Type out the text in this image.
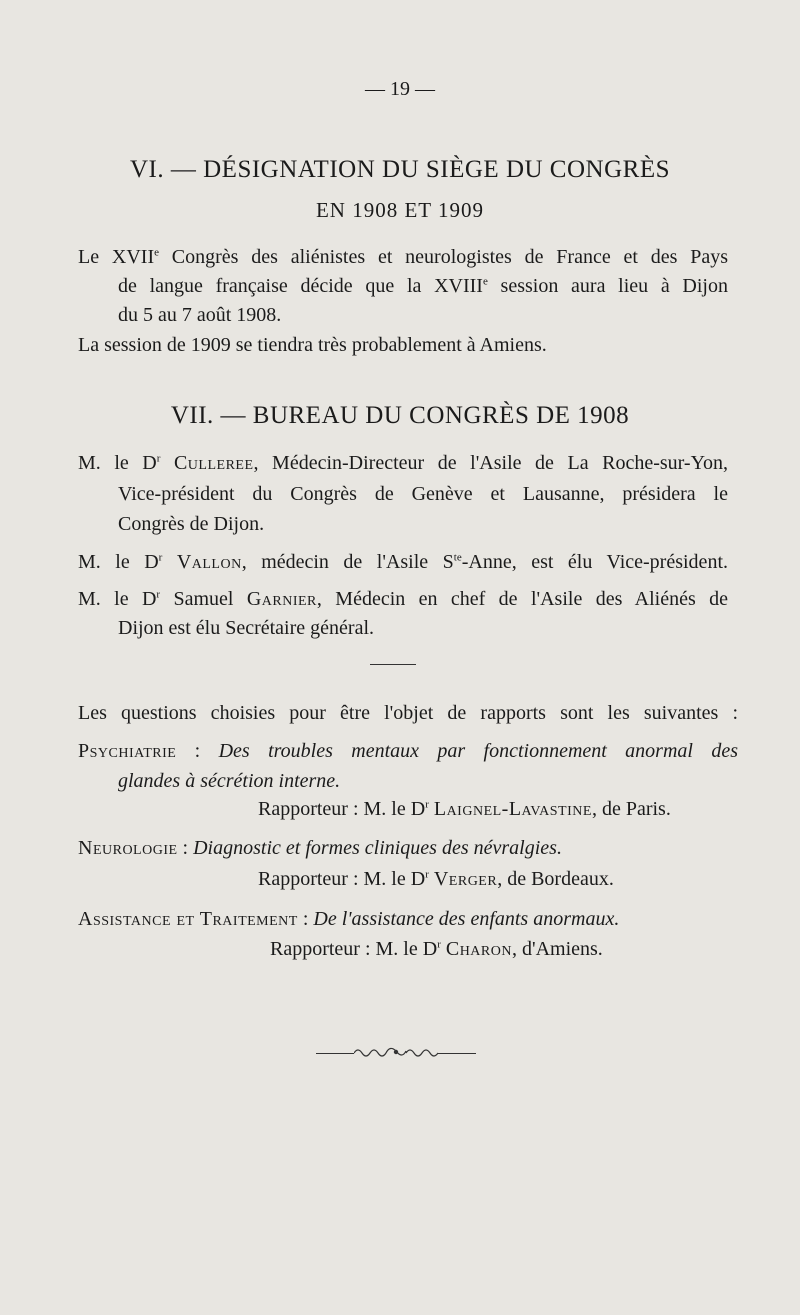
— 19 —
VI. — DÉSIGNATION DU SIÈGE DU CONGRÈS
EN 1908 ET 1909
Le XVIIe Congrès des aliénistes et neurologistes de France et des Pays
de langue française décide que la XVIIIe session aura lieu à Dijon
du 5 au 7 août 1908.
La session de 1909 se tiendra très probablement à Amiens.
VII. — BUREAU DU CONGRÈS DE 1908
M. le $D^r$ Culleree, Médecin-Directeur de l'Asile de La Roche-sur-Yon,
Vice-président du Congrès de Genève et Lausanne, présidera le
Congrès de Dijon.
M. le $D^r$ Vallon, médecin de l'Asile $S^{te}$-Anne, est élu Vice-président.
M. le $D^r$ Samuel Garnier, Médecin en chef de l'Asile des Aliénés de
Dijon est élu Secrétaire général.
Les questions choisies pour être l'objet de rapports sont les suivantes :
Psychiatrie : Des troubles mentaux par fonctionnement anormal des
glandes à sécrétion interne.
Rapporteur : M. le $D^r$ Laignel-Lavastine, de Paris.
Neurologie : Diagnostic et formes cliniques des névralgies.
Rapporteur : M. le $D^r$ Verger, de Bordeaux.
Assistance et Traitement : De l'assistance des enfants anormaux.
Rapporteur : M. le $D^r$ Charon, d'Amiens.
